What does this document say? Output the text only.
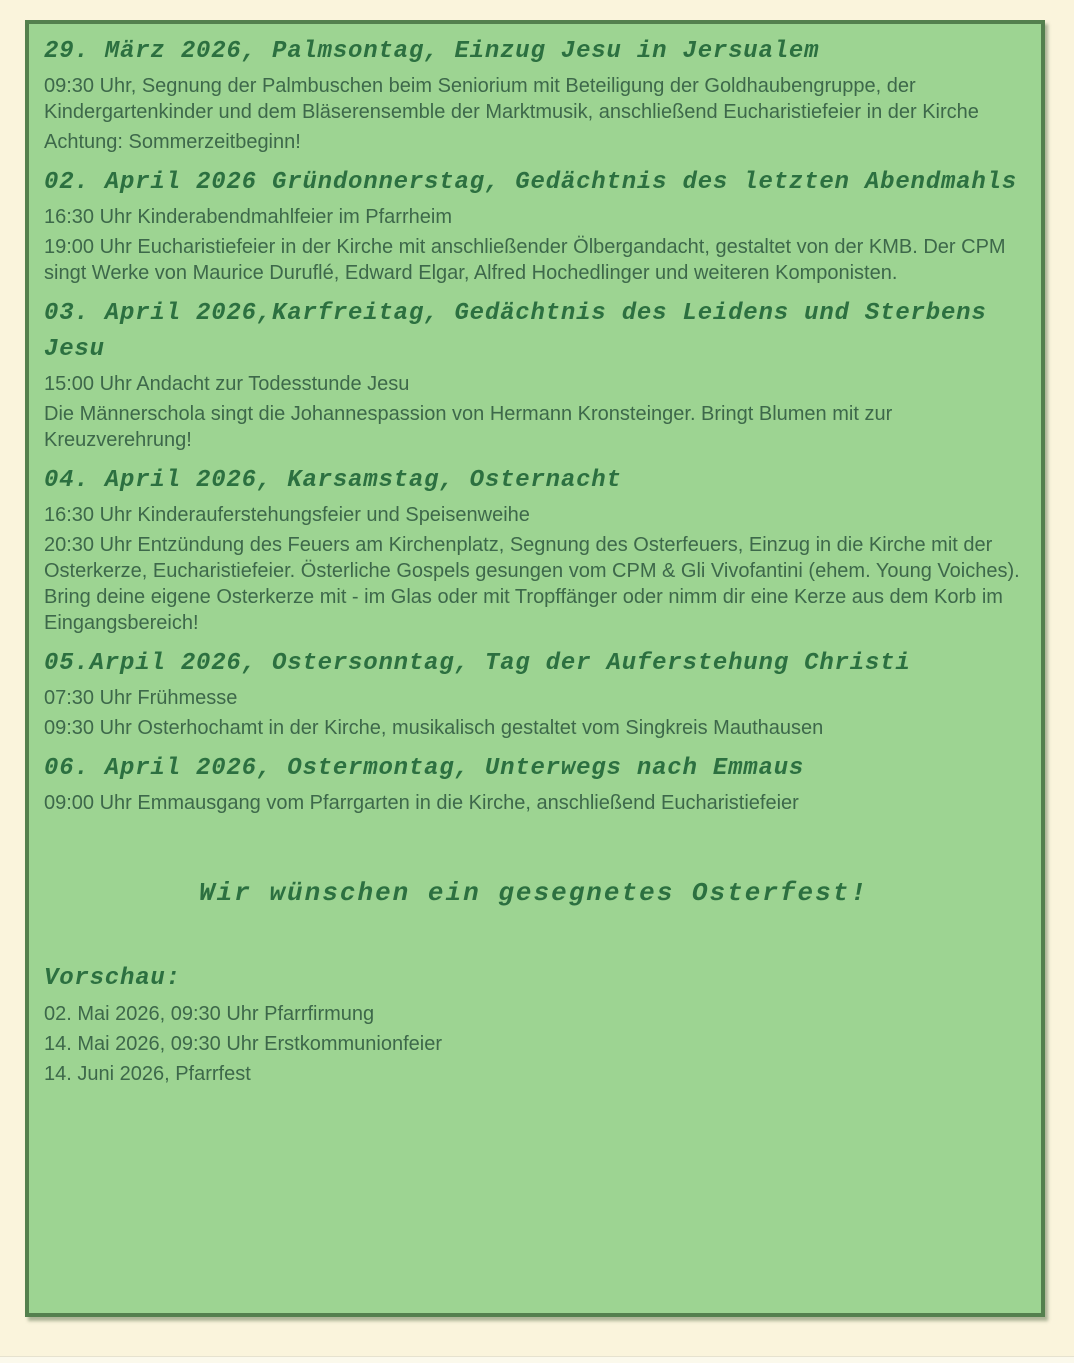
29. März 2026, Palmsontag, Einzug Jesu in Jersualem

09:30 Uhr, Segnung der Palmbuschen beim Seniorium mit Beteiligung der Goldhaubengruppe, der Kindergartenkinder und dem Bläserensemble der Marktmusik, anschließend Eucharistiefeier in der Kirche

Achtung: Sommerzeitbeginn!

02. April 2026 Gründonnerstag, Gedächtnis des letzten Abendmahls

16:30 Uhr Kinderabendmahlfeier im Pfarrheim

19:00 Uhr Eucharistiefeier in der Kirche mit anschließender Ölbergandacht, gestaltet von der KMB. Der CPM singt Werke von Maurice Duruflé, Edward Elgar, Alfred Hochedlinger und weiteren Komponisten.

03. April 2026,Karfreitag, Gedächtnis des Leidens und Sterbens Jesu

15:00 Uhr Andacht zur Todesstunde Jesu

Die Männerschola singt die Johannespassion von Hermann Kronsteinger. Bringt Blumen mit zur Kreuzverehrung!

04. April 2026, Karsamstag, Osternacht

16:30 Uhr Kinderauferstehungsfeier und Speisenweihe

20:30 Uhr Entzündung des Feuers am Kirchenplatz, Segnung des Osterfeuers, Einzug in die Kirche mit der Osterkerze, Eucharistiefeier. Österliche Gospels gesungen vom CPM & Gli Vivofantini (ehem. Young Voiches). Bring deine eigene Osterkerze mit - im Glas oder mit Tropffänger oder nimm dir eine Kerze aus dem Korb im Eingangsbereich!

05.Arpil 2026, Ostersonntag, Tag der Auferstehung Christi

07:30 Uhr Frühmesse

09:30 Uhr Osterhochamt in der Kirche, musikalisch gestaltet vom Singkreis Mauthausen

06. April 2026, Ostermontag, Unterwegs nach Emmaus

09:00 Uhr Emmausgang vom Pfarrgarten in die Kirche, anschließend Eucharistiefeier

Wir wünschen ein gesegnetes Osterfest!

Vorschau:

02. Mai 2026, 09:30 Uhr Pfarrfirmung

14. Mai 2026, 09:30 Uhr Erstkommunionfeier

14. Juni 2026, Pfarrfest
